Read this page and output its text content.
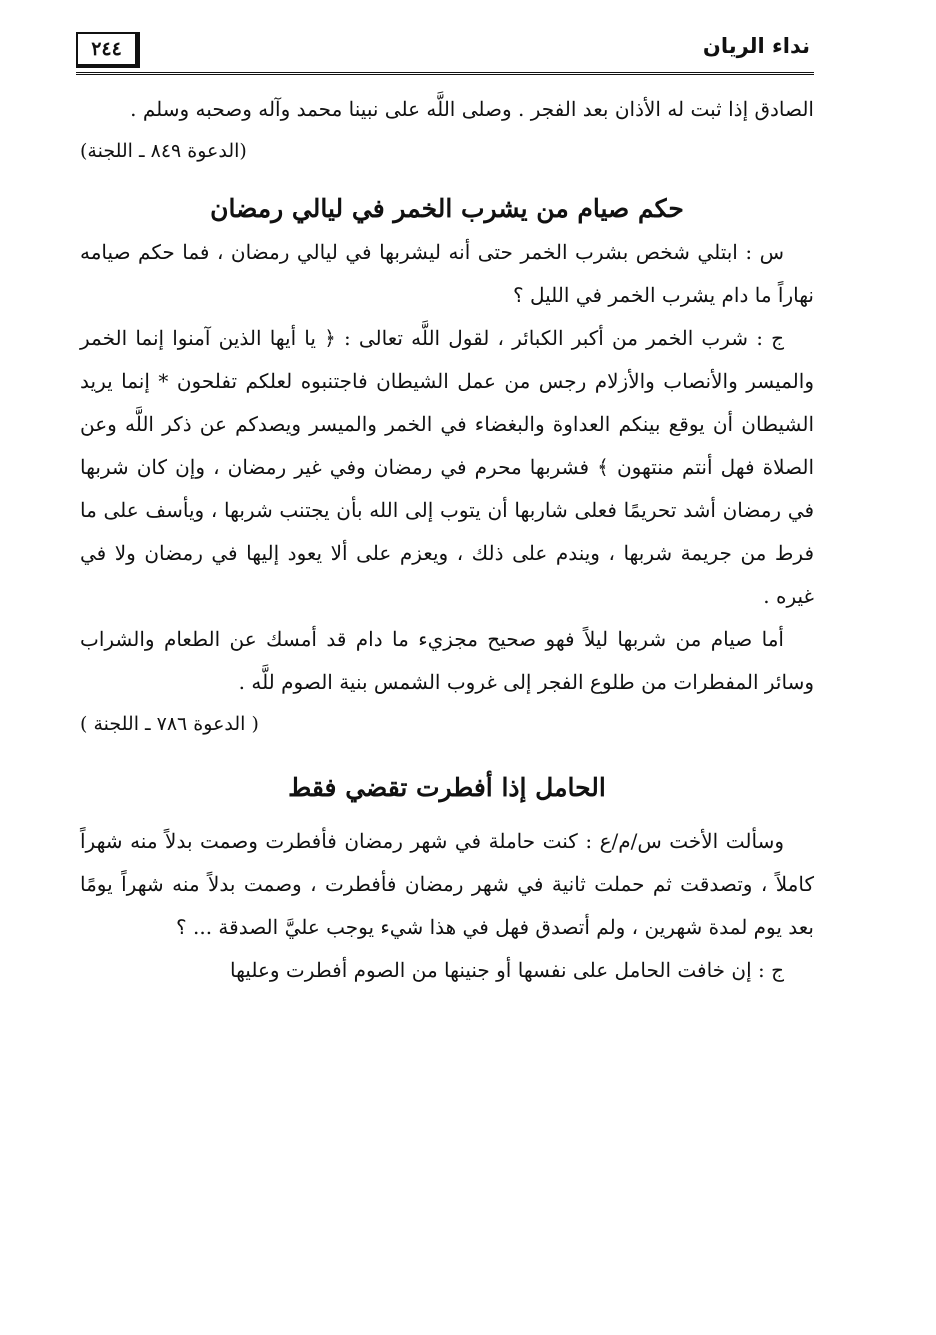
نداء الريان
٢٤٤

الصادق إذا ثبت له الأذان بعد الفجر . وصلى اللَّه على نبينا محمد وآله وصحبه وسلم .

(الدعوة ٨٤٩ ـ اللجنة)

حكم صيام من يشرب الخمر في ليالي رمضان

س : ابتلي شخص بشرب الخمر حتى أنه ليشربها في ليالي رمضان ، فما حكم صيامه نهاراً ما دام يشرب الخمر في الليل ؟

ج : شرب الخمر من أكبر الكبائر ، لقول اللَّه تعالى : ﴿ يا أيها الذين آمنوا إنما الخمر والميسر والأنصاب والأزلام رجس من عمل الشيطان فاجتنبوه لعلكم تفلحون * إنما يريد الشيطان أن يوقع بينكم العداوة والبغضاء في الخمر والميسر ويصدكم عن ذكر اللَّه وعن الصلاة فهل أنتم منتهون ﴾ فشربها محرم في رمضان وفي غير رمضان ، وإن كان شربها في رمضان أشد تحريمًا فعلى شاربها أن يتوب إلى الله بأن يجتنب شربها ، ويأسف على ما فرط من جريمة شربها ، ويندم على ذلك ، ويعزم على ألا يعود إليها في رمضان ولا في غيره .

أما صيام من شربها ليلاً فهو صحيح مجزيء ما دام قد أمسك عن الطعام والشراب وسائر المفطرات من طلوع الفجر إلى غروب الشمس بنية الصوم للَّه .

( الدعوة ٧٨٦ ـ اللجنة )

الحامل إذا أفطرت تقضي فقط

وسألت الأخت س/م/ع : كنت حاملة في شهر رمضان فأفطرت وصمت بدلاً منه شهراً كاملاً ، وتصدقت ثم حملت ثانية في شهر رمضان فأفطرت ، وصمت بدلاً منه شهراً يومًا بعد يوم لمدة شهرين ، ولم أتصدق فهل في هذا شيء يوجب عليَّ الصدقة ... ؟

ج : إن خافت الحامل على نفسها أو جنينها من الصوم أفطرت وعليها
